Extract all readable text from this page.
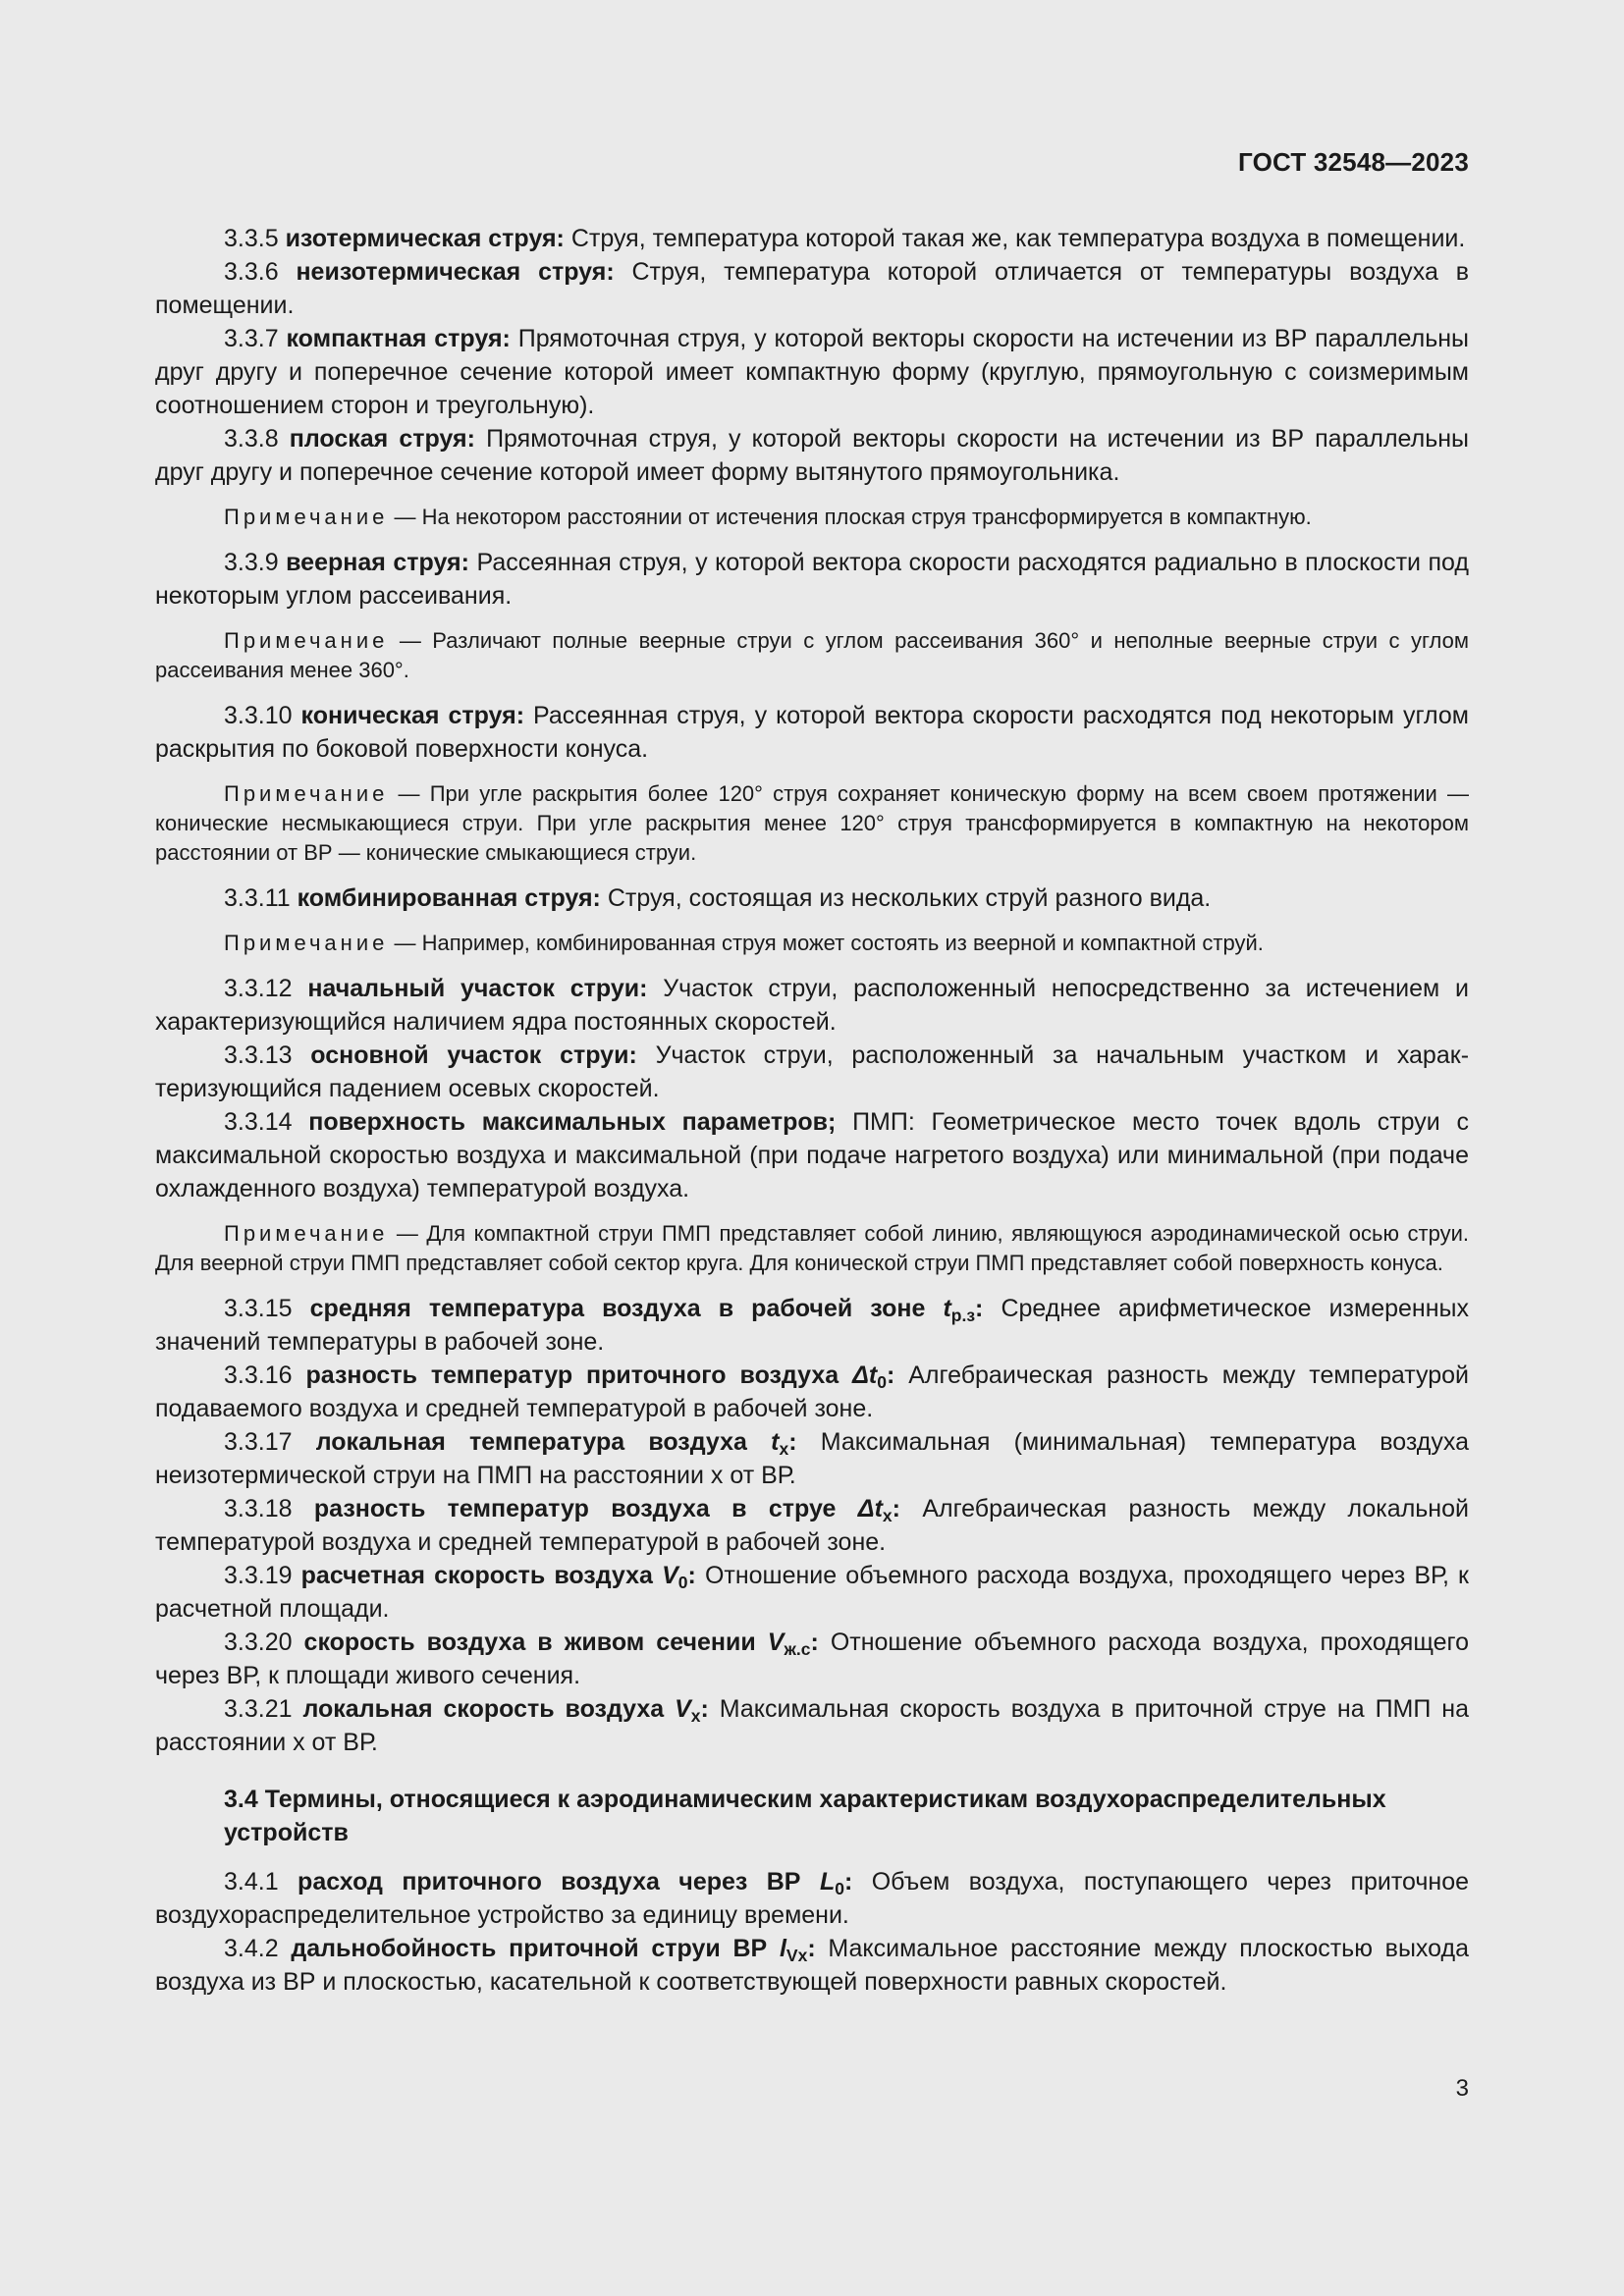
ГОСТ 32548—2023

3.3.5 изотермическая струя: Струя, температура которой такая же, как температура воздуха в помещении.

3.3.6 неизотермическая струя: Струя, температура которой отличается от температуры воздуха в помещении.

3.3.7 компактная струя: Прямоточная струя, у которой векторы скорости на истечении из ВР параллельны друг другу и поперечное сечение которой имеет компактную форму (круглую, прямоугольную с соизмеримым соотношением сторон и треугольную).

3.3.8 плоская струя: Прямоточная струя, у которой векторы скорости на истечении из ВР параллельны друг другу и поперечное сечение которой имеет форму вытянутого прямоугольника.

Примечание — На некотором расстоянии от истечения плоская струя трансформируется в компактную.

3.3.9 веерная струя: Рассеянная струя, у которой вектора скорости расходятся радиально в плоскости под некоторым углом рассеивания.

Примечание — Различают полные веерные струи с углом рассеивания 360° и неполные веерные струи с углом рассеивания менее 360°.

3.3.10 коническая струя: Рассеянная струя, у которой вектора скорости расходятся под некоторым углом раскрытия по боковой поверхности конуса.

Примечание — При угле раскрытия более 120° струя сохраняет коническую форму на всем своем протяжении — конические несмыкающиеся струи. При угле раскрытия менее 120° струя трансформируется в компактную на некотором расстоянии от ВР — конические смыкающиеся струи.

3.3.11 комбинированная струя: Струя, состоящая из нескольких струй разного вида.

Примечание — Например, комбинированная струя может состоять из веерной и компактной струй.

3.3.12 начальный участок струи: Участок струи, расположенный непосредственно за истечением и характеризующийся наличием ядра постоянных скоростей.

3.3.13 основной участок струи: Участок струи, расположенный за начальным участком и характеризующийся падением осевых скоростей.

3.3.14 поверхность максимальных параметров; ПМП: Геометрическое место точек вдоль струи с максимальной скоростью воздуха и максимальной (при подаче нагретого воздуха) или минимальной (при подаче охлажденного воздуха) температурой воздуха.

Примечание — Для компактной струи ПМП представляет собой линию, являющуюся аэродинамической осью струи. Для веерной струи ПМП представляет собой сектор круга. Для конической струи ПМП представляет собой поверхность конуса.

3.3.15 средняя температура воздуха в рабочей зоне $t_{р.з}$: Среднее арифметическое измеренных значений температуры в рабочей зоне.

3.3.16 разность температур приточного воздуха $\Delta t_0$: Алгебраическая разность между температурой подаваемого воздуха и средней температурой в рабочей зоне.

3.3.17 локальная температура воздуха $t_x$: Максимальная (минимальная) температура воздуха неизотермической струи на ПМП на расстоянии x от ВР.

3.3.18 разность температур воздуха в струе $\Delta t_x$: Алгебраическая разность между локальной температурой воздуха и средней температурой в рабочей зоне.

3.3.19 расчетная скорость воздуха $V_0$: Отношение объемного расхода воздуха, проходящего через ВР, к расчетной площади.

3.3.20 скорость воздуха в живом сечении $V_{ж.с}$: Отношение объемного расхода воздуха, проходящего через ВР, к площади живого сечения.

3.3.21 локальная скорость воздуха $V_x$: Максимальная скорость воздуха в приточной струе на ПМП на расстоянии x от ВР.

3.4 Термины, относящиеся к аэродинамическим характеристикам воздухораспределительных устройств

3.4.1 расход приточного воздуха через ВР $L_0$: Объем воздуха, поступающего через приточное воздухораспределительное устройство за единицу времени.

3.4.2 дальнобойность приточной струи ВР $l_{Vx}$: Максимальное расстояние между плоскостью выхода воздуха из ВР и плоскостью, касательной к соответствующей поверхности равных скоростей.

3
